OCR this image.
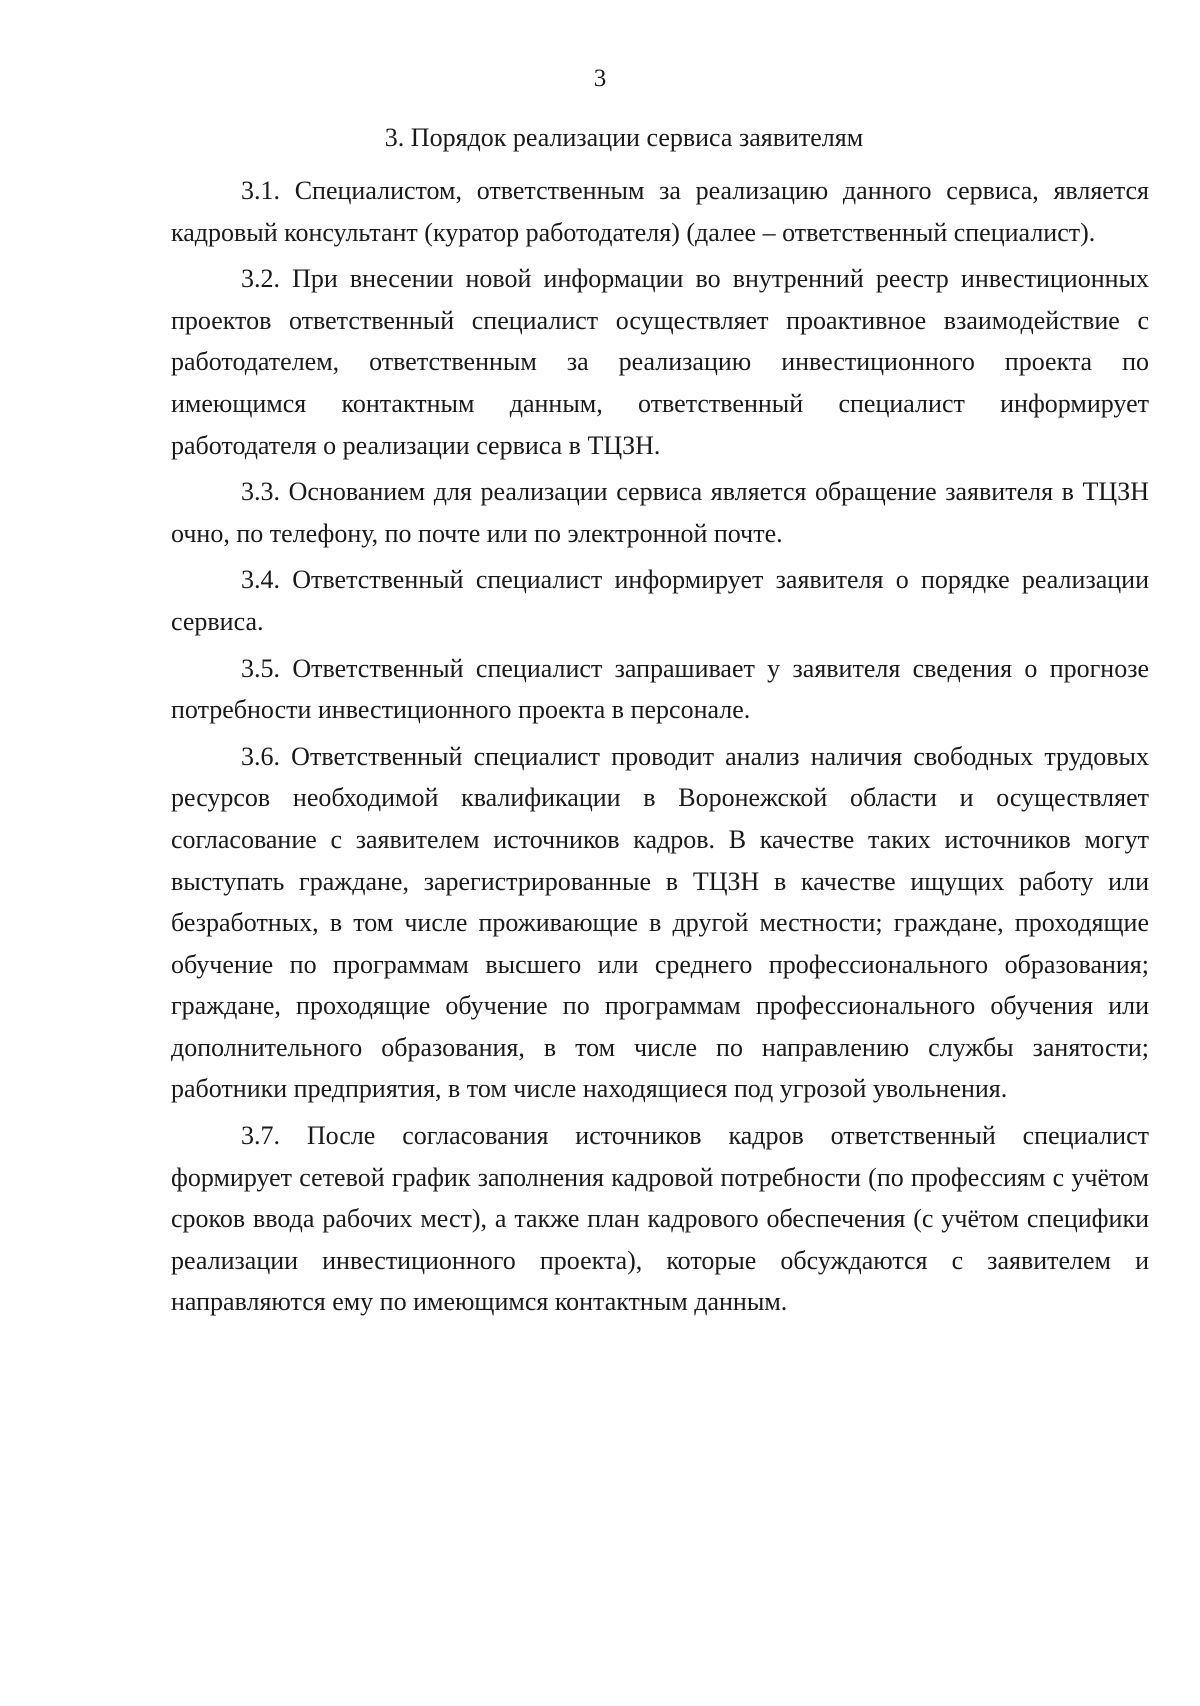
3
3. Порядок реализации сервиса заявителям

3.1. Специалистом, ответственным за реализацию данного сервиса, является кадровый консультант (куратор работодателя) (далее – ответственный специалист).

3.2. При внесении новой информации во внутренний реестр инвестиционных проектов ответственный специалист осуществляет проактивное взаимодействие с работодателем, ответственным за реализацию инвестиционного проекта по имеющимся контактным данным, ответственный специалист информирует работодателя о реализации сервиса в ТЦЗН.

3.3. Основанием для реализации сервиса является обращение заявителя в ТЦЗН очно, по телефону, по почте или по электронной почте.

3.4. Ответственный специалист информирует заявителя о порядке реализации сервиса.

3.5. Ответственный специалист запрашивает у заявителя сведения о прогнозе потребности инвестиционного проекта в персонале.

3.6. Ответственный специалист проводит анализ наличия свободных трудовых ресурсов необходимой квалификации в Воронежской области и осуществляет согласование с заявителем источников кадров. В качестве таких источников могут выступать граждане, зарегистрированные в ТЦЗН в качестве ищущих работу или безработных, в том числе проживающие в другой местности; граждане, проходящие обучение по программам высшего или среднего профессионального образования; граждане, проходящие обучение по программам профессионального обучения или дополнительного образования, в том числе по направлению службы занятости; работники предприятия, в том числе находящиеся под угрозой увольнения.

3.7. После согласования источников кадров ответственный специалист формирует сетевой график заполнения кадровой потребности (по профессиям с учётом сроков ввода рабочих мест), а также план кадрового обеспечения (с учётом специфики реализации инвестиционного проекта), которые обсуждаются с заявителем и направляются ему по имеющимся контактным данным.
